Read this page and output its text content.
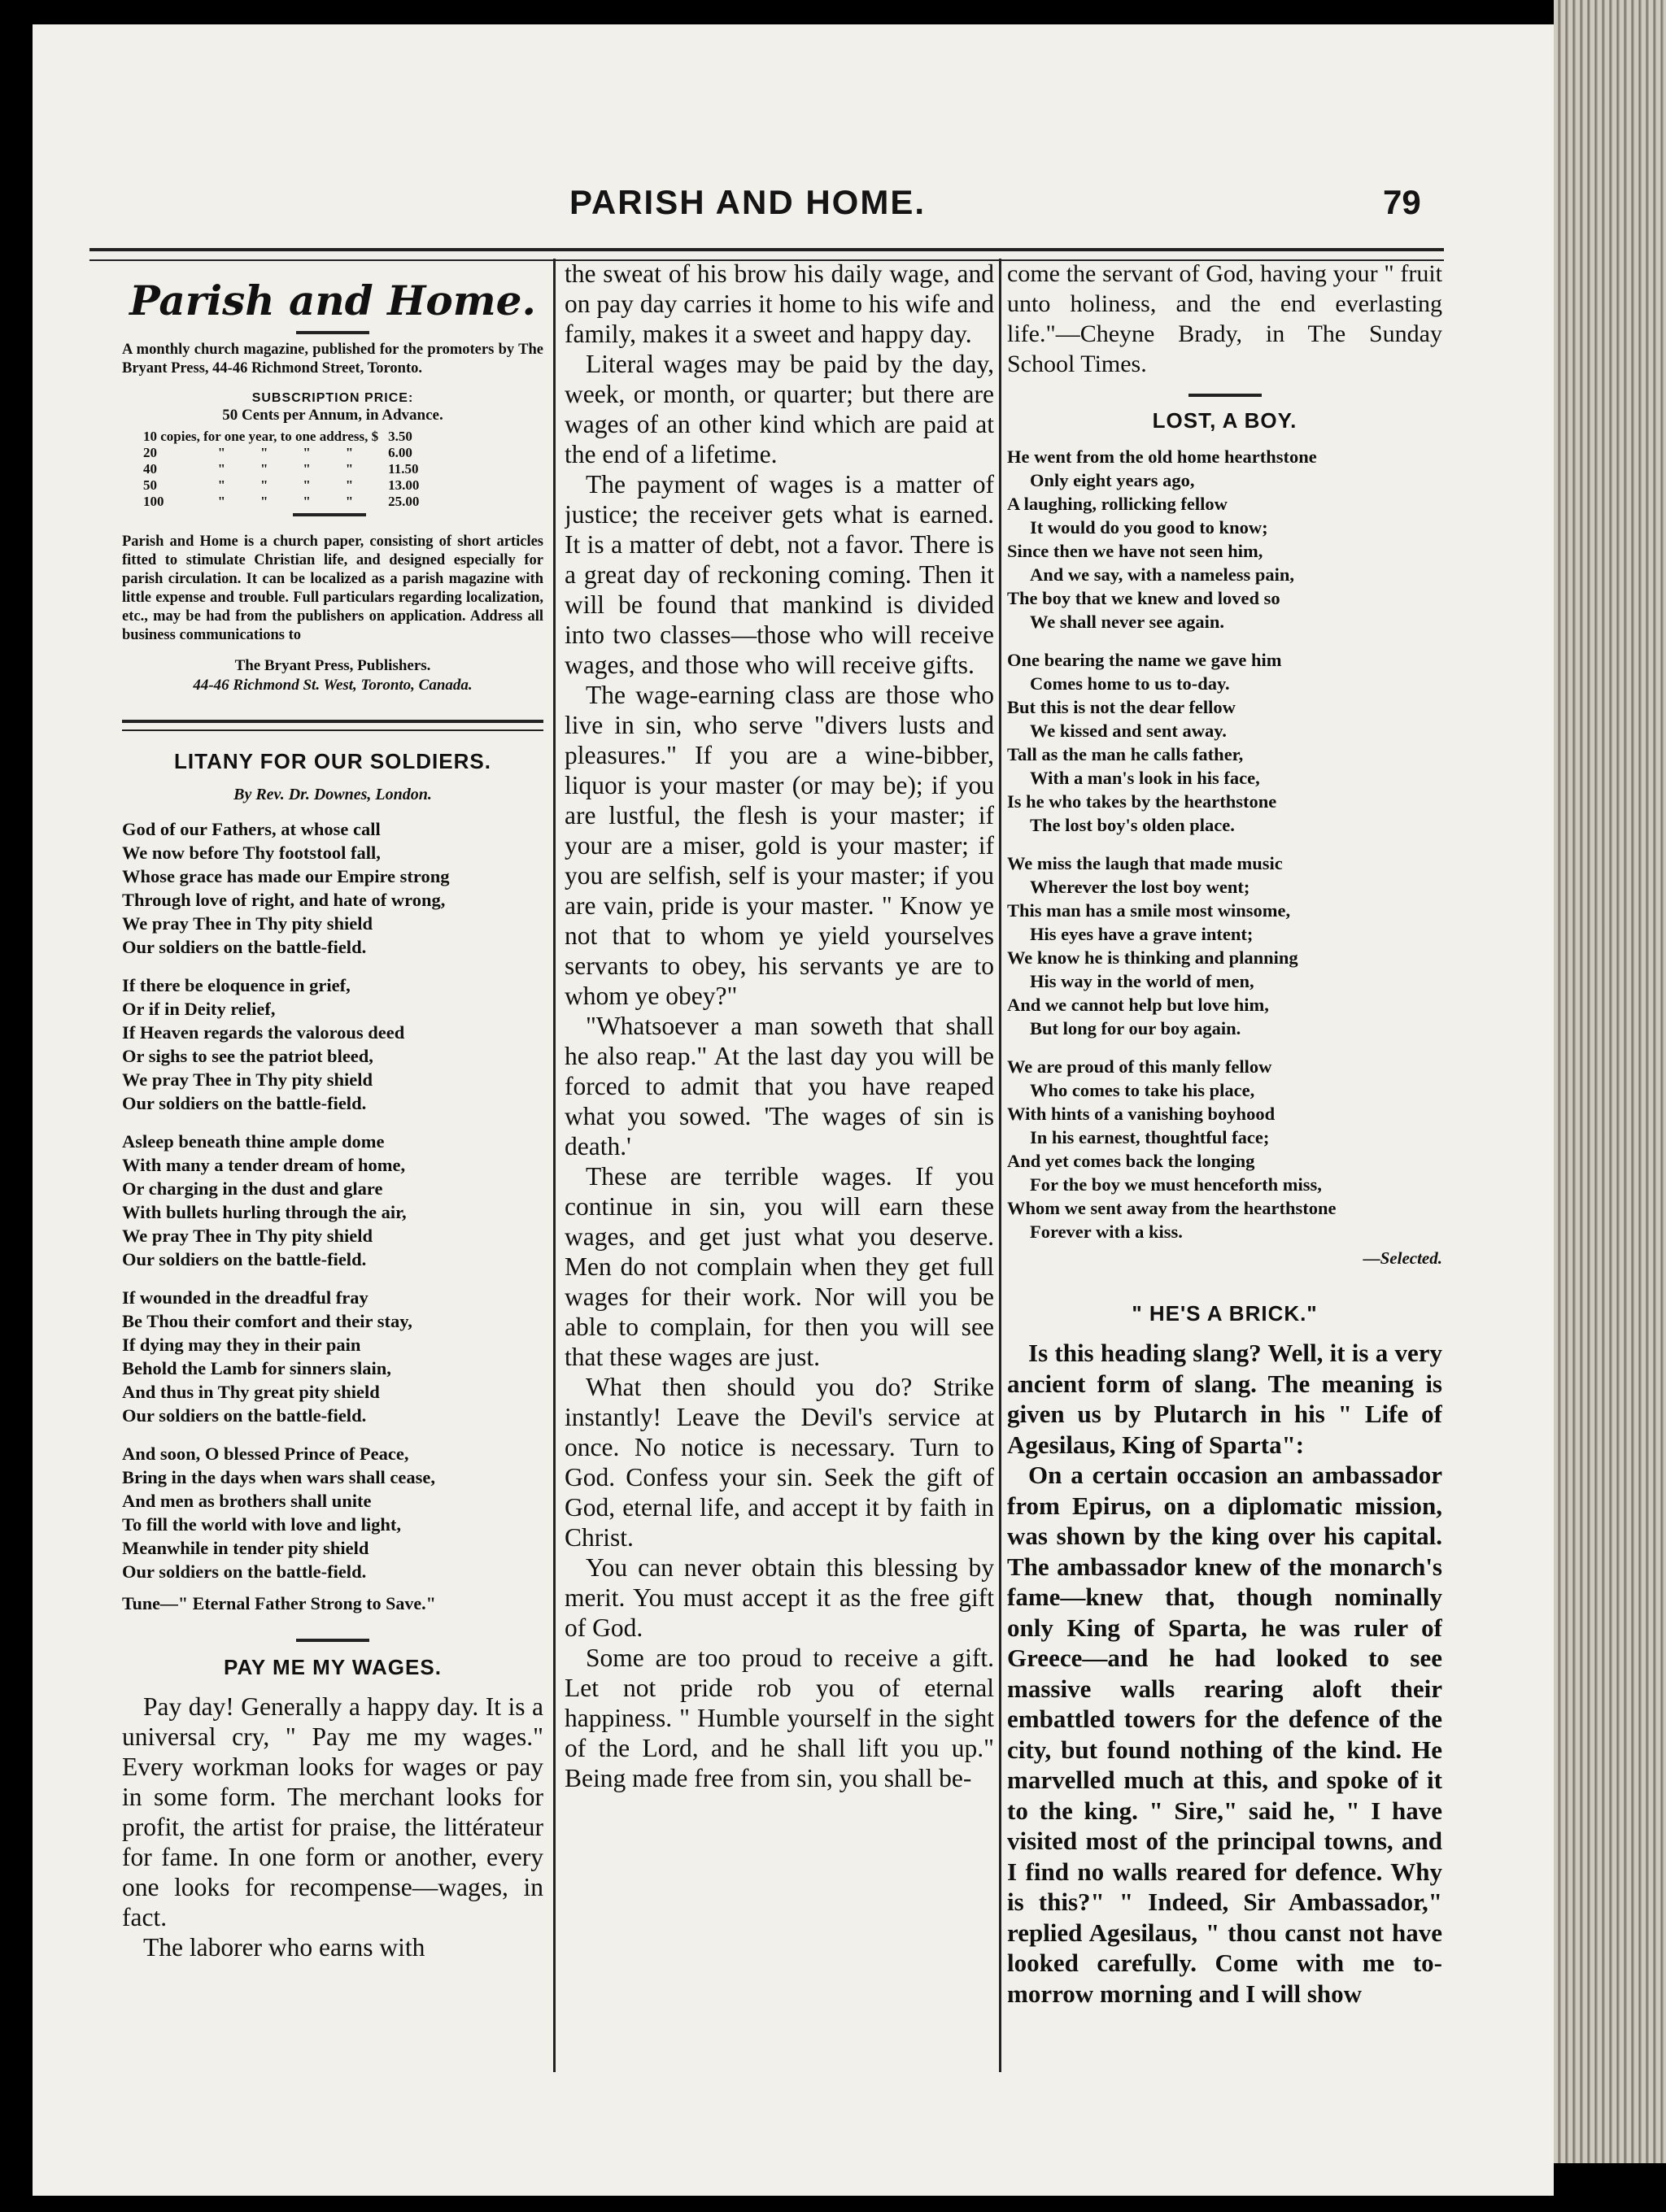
PARISH AND HOME.	79
Parish and Home.
A monthly church magazine, published for the promoters by The Bryant Press, 44-46 Richmond Street, Toronto.
SUBSCRIPTION PRICE:
50 Cents per Annum, in Advance.
10 copies, for one year, to one address, $					3.50
20	"	"	"	"	6.00
40	"	"	"	"	11.50
50	"	"	"	"	13.00
100	"	"	"	"	25.00
Parish and Home is a church paper, consisting of short articles fitted to stimulate Christian life, and designed especially for parish circulation. It can be localized as a parish magazine with little expense and trouble. Full particulars regarding localization, etc., may be had from the publishers on application. Address all business communications to
The Bryant Press, Publishers.
44-46 Richmond St. West, Toronto, Canada.
LITANY FOR OUR SOLDIERS.
By Rev. Dr. Downes, London.
God of our Fathers, at whose call
We now before Thy footstool fall,
Whose grace has made our Empire strong
Through love of right, and hate of wrong,
We pray Thee in Thy pity shield
Our soldiers on the battle-field.
If there be eloquence in grief,
Or if in Deity relief,
If Heaven regards the valorous deed
Or sighs to see the patriot bleed,
We pray Thee in Thy pity shield
Our soldiers on the battle-field.
Asleep beneath thine ample dome
With many a tender dream of home,
Or charging in the dust and glare
With bullets hurling through the air,
We pray Thee in Thy pity shield
Our soldiers on the battle-field.
If wounded in the dreadful fray
Be Thou their comfort and their stay,
If dying may they in their pain
Behold the Lamb for sinners slain,
And thus in Thy great pity shield
Our soldiers on the battle-field.
And soon, O blessed Prince of Peace,
Bring in the days when wars shall cease,
And men as brothers shall unite
To fill the world with love and light,
Meanwhile in tender pity shield
Our soldiers on the battle-field.
Tune—" Eternal Father Strong to Save."
PAY ME MY WAGES.

Pay day! Generally a happy day. It is a universal cry, " Pay me my wages." Every workman looks for wages or pay in some form. The merchant looks for profit, the artist for praise, the littérateur for fame. In one form or another, every one looks for recompense—wages, in fact.

The laborer who earns with

the sweat of his brow his daily wage, and on pay day carries it home to his wife and family, makes it a sweet and happy day.

Literal wages may be paid by the day, week, or month, or quarter; but there are wages of an other kind which are paid at the end of a lifetime.

The payment of wages is a matter of justice; the receiver gets what is earned. It is a matter of debt, not a favor. There is a great day of reckoning coming. Then it will be found that mankind is divided into two classes—those who will receive wages, and those who will receive gifts.

The wage-earning class are those who live in sin, who serve "divers lusts and pleasures." If you are a wine-bibber, liquor is your master (or may be); if you are lustful, the flesh is your master; if your are a miser, gold is your master; if you are selfish, self is your master; if you are vain, pride is your master. " Know ye not that to whom ye yield yourselves servants to obey, his servants ye are to whom ye obey?"

"Whatsoever a man soweth that shall he also reap." At the last day you will be forced to admit that you have reaped what you sowed. 'The wages of sin is death.'

These are terrible wages. If you continue in sin, you will earn these wages, and get just what you deserve. Men do not complain when they get full wages for their work. Nor will you be able to complain, for then you will see that these wages are just.

What then should you do? Strike instantly! Leave the Devil's service at once. No notice is necessary. Turn to God. Confess your sin. Seek the gift of God, eternal life, and accept it by faith in Christ.

You can never obtain this blessing by merit. You must accept it as the free gift of God.

Some are too proud to receive a gift. Let not pride rob you of eternal happiness. " Humble yourself in the sight of the Lord, and he shall lift you up." Being made free from sin, you shall be-

come the servant of God, having your " fruit unto holiness, and the end everlasting life."—Cheyne Brady, in The Sunday School Times.

LOST, A BOY.
He went from the old home hearthstone
Only eight years ago,
A laughing, rollicking fellow
It would do you good to know;
Since then we have not seen him,
And we say, with a nameless pain,
The boy that we knew and loved so
We shall never see again.
One bearing the name we gave him
Comes home to us to-day.
But this is not the dear fellow
We kissed and sent away.
Tall as the man he calls father,
With a man's look in his face,
Is he who takes by the hearthstone
The lost boy's olden place.
We miss the laugh that made music
Wherever the lost boy went;
This man has a smile most winsome,
His eyes have a grave intent;
We know he is thinking and planning
His way in the world of men,
And we cannot help but love him,
But long for our boy again.
We are proud of this manly fellow
Who comes to take his place,
With hints of a vanishing boyhood
In his earnest, thoughtful face;
And yet comes back the longing
For the boy we must henceforth miss,
Whom we sent away from the hearthstone
Forever with a kiss.
—Selected.
" HE'S A BRICK."

Is this heading slang? Well, it is a very ancient form of slang. The meaning is given us by Plutarch in his " Life of Agesilaus, King of Sparta":

On a certain occasion an ambassador from Epirus, on a diplomatic mission, was shown by the king over his capital. The ambassador knew of the monarch's fame—knew that, though nominally only King of Sparta, he was ruler of Greece—and he had looked to see massive walls rearing aloft their embattled towers for the defence of the city, but found nothing of the kind. He marvelled much at this, and spoke of it to the king. " Sire," said he, " I have visited most of the principal towns, and I find no walls reared for defence. Why is this?" " Indeed, Sir Ambassador," replied Agesilaus, " thou canst not have looked carefully. Come with me to-morrow morning and I will show
